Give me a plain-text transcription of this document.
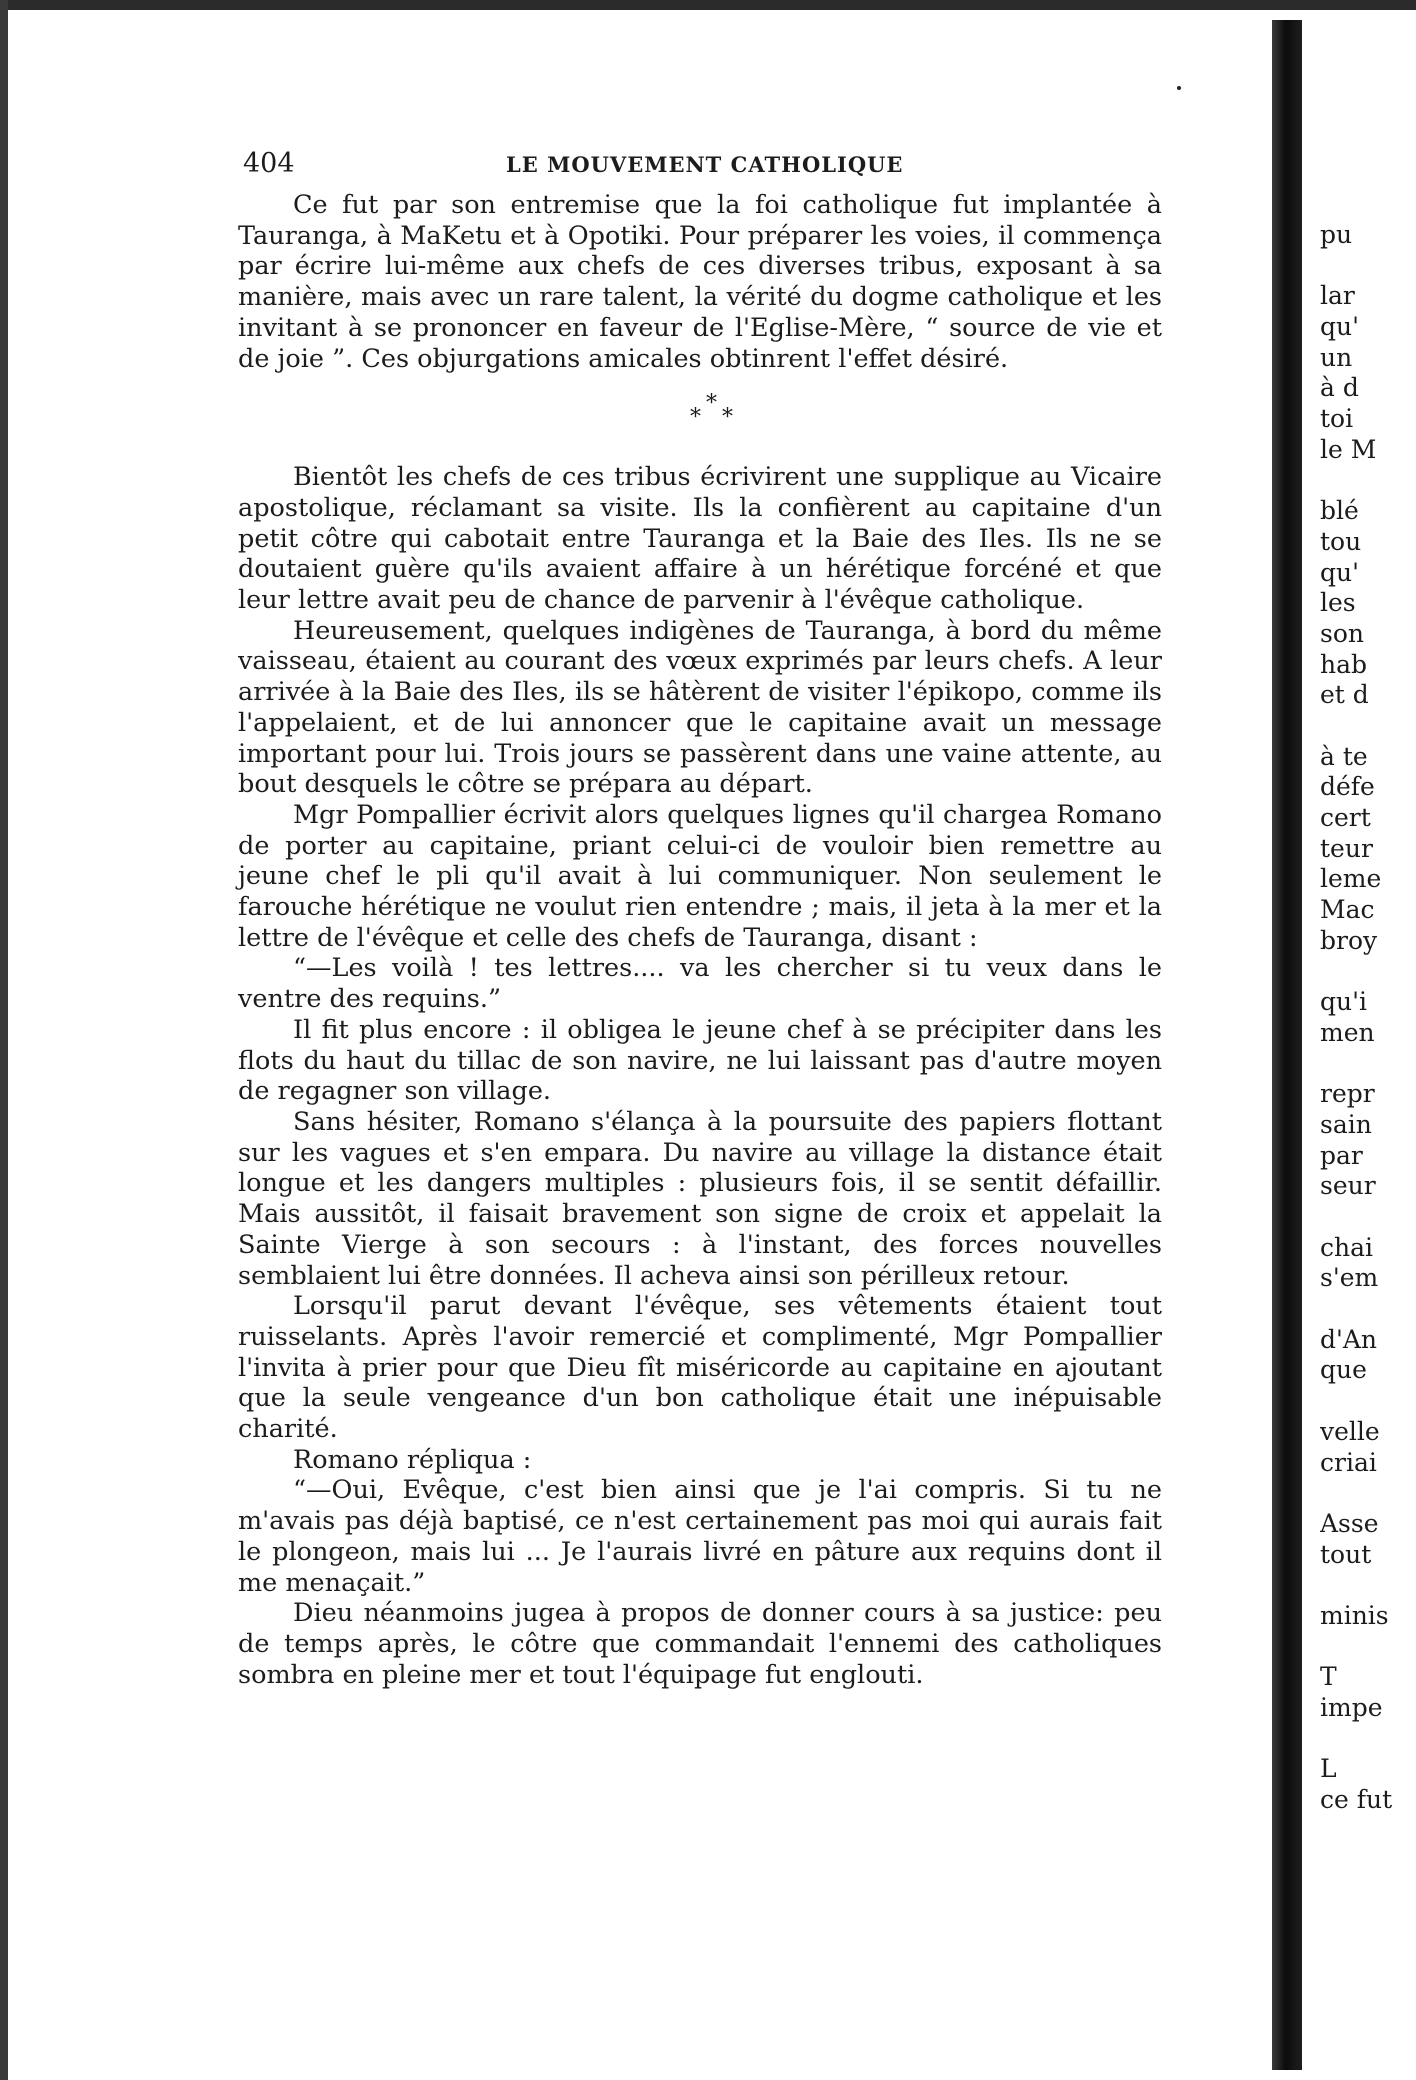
404	LE MOUVEMENT CATHOLIQUE

Ce fut par son entremise que la foi catholique fut implantée à Tauranga, à MaKetu et à Opotiki. Pour préparer les voies, il commença par écrire lui-même aux chefs de ces diverses tribus, exposant à sa manière, mais avec un rare talent, la vérité du dogme catholique et les invitant à se prononcer en faveur de l'Eglise-Mère, “ source de vie et de joie ”. Ces objurgations amicales obtinrent l'effet désiré.

*
* *

Bientôt les chefs de ces tribus écrivirent une supplique au Vicaire apostolique, réclamant sa visite. Ils la confièrent au capitaine d'un petit côtre qui cabotait entre Tauranga et la Baie des Iles. Ils ne se doutaient guère qu'ils avaient affaire à un hérétique forcéné et que leur lettre avait peu de chance de parvenir à l'évêque catholique.

Heureusement, quelques indigènes de Tauranga, à bord du même vaisseau, étaient au courant des vœux exprimés par leurs chefs. A leur arrivée à la Baie des Iles, ils se hâtèrent de visiter l'épikopo, comme ils l'appelaient, et de lui annoncer que le capitaine avait un message important pour lui. Trois jours se passèrent dans une vaine attente, au bout desquels le côtre se prépara au départ.

Mgr Pompallier écrivit alors quelques lignes qu'il chargea Romano de porter au capitaine, priant celui-ci de vouloir bien remettre au jeune chef le pli qu'il avait à lui communiquer. Non seulement le farouche hérétique ne voulut rien entendre ; mais, il jeta à la mer et la lettre de l'évêque et celle des chefs de Tauranga, disant :

“—Les voilà ! tes lettres.... va les chercher si tu veux dans le ventre des requins.”

Il fit plus encore : il obligea le jeune chef à se précipiter dans les flots du haut du tillac de son navire, ne lui laissant pas d'autre moyen de regagner son village.

Sans hésiter, Romano s'élança à la poursuite des papiers flottant sur les vagues et s'en empara. Du navire au village la distance était longue et les dangers multiples : plusieurs fois, il se sentit défaillir. Mais aussitôt, il faisait bravement son signe de croix et appelait la Sainte Vierge à son secours : à l'instant, des forces nouvelles semblaient lui être données. Il acheva ainsi son périlleux retour.

Lorsqu'il parut devant l'évêque, ses vêtements étaient tout ruisselants. Après l'avoir remercié et complimenté, Mgr Pompallier l'invita à prier pour que Dieu fît miséricorde au capitaine en ajoutant que la seule vengeance d'un bon catholique était une inépuisable charité.

Romano répliqua :

“—Oui, Evêque, c'est bien ainsi que je l'ai compris. Si tu ne m'avais pas déjà baptisé, ce n'est certainement pas moi qui aurais fait le plongeon, mais lui ... Je l'aurais livré en pâture aux requins dont il me menaçait.”

Dieu néanmoins jugea à propos de donner cours à sa justice: peu de temps après, le côtre que commandait l'ennemi des catholiques sombra en pleine mer et tout l'équipage fut englouti.

pu
lar
qu'
un
à d
toi
le M
blé
tou
qu'
les
son
hab
et d
à te
défe
cert
teur
leme
Mac
broy
qu'i
men
repr
sain
par
seur
chai
s'em
d'An
que
velle
criai
Asse
tout
minis
T
impe
L
ce fut
